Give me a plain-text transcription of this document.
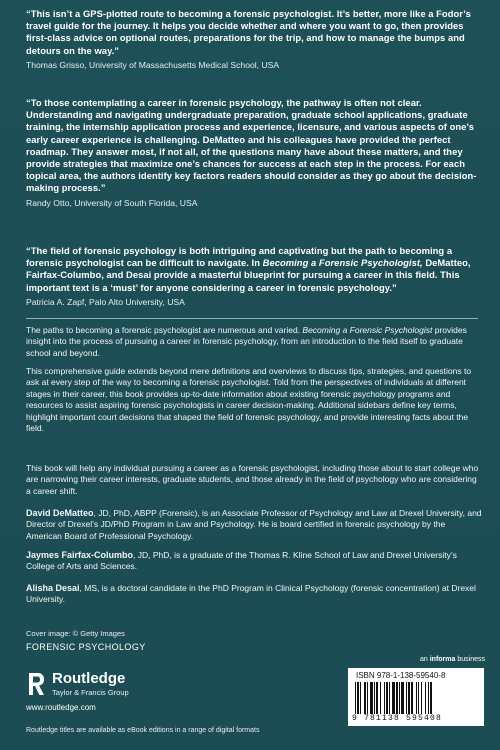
“This isn’t a GPS-plotted route to becoming a forensic psychologist. It’s better, more like a Fodor’s travel guide for the journey. It helps you decide whether and where you want to go, then provides first-class advice on optional routes, preparations for the trip, and how to manage the bumps and detours on the way.”
Thomas Grisso, University of Massachusetts Medical School, USA
“To those contemplating a career in forensic psychology, the pathway is often not clear. Understanding and navigating undergraduate preparation, graduate school applications, graduate training, the internship application process and experience, licensure, and various aspects of one’s early career experience is challenging. DeMatteo and his colleagues have provided the perfect roadmap. They answer most, if not all, of the questions many have about these matters, and they provide strategies that maximize one’s chances for success at each step in the process. For each topical area, the authors identify key factors readers should consider as they go about the decision-making process.”
Randy Otto, University of South Florida, USA
“The field of forensic psychology is both intriguing and captivating but the path to becoming a forensic psychologist can be difficult to navigate. In Becoming a Forensic Psychologist, DeMatteo, Fairfax-Columbo, and Desai provide a masterful blueprint for pursuing a career in this field. This important text is a ‘must’ for anyone considering a career in forensic psychology.”
Patricia A. Zapf, Palo Alto University, USA
The paths to becoming a forensic psychologist are numerous and varied. Becoming a Forensic Psychologist provides insight into the process of pursuing a career in forensic psychology, from an introduction to the field itself to graduate school and beyond.
This comprehensive guide extends beyond mere definitions and overviews to discuss tips, strategies, and questions to ask at every step of the way to becoming a forensic psychologist. Told from the perspectives of individuals at different stages in their career, this book provides up-to-date information about existing forensic psychology programs and resources to assist aspiring forensic psychologists in career decision-making. Additional sidebars define key terms, highlight important court decisions that shaped the field of forensic psychology, and provide interesting facts about the field.
This book will help any individual pursuing a career as a forensic psychologist, including those about to start college who are narrowing their career interests, graduate students, and those already in the field of psychology who are considering a career shift.
David DeMatteo, JD, PhD, ABPP (Forensic), is an Associate Professor of Psychology and Law at Drexel University, and Director of Drexel’s JD/PhD Program in Law and Psychology. He is board certified in forensic psychology by the American Board of Professional Psychology.
Jaymes Fairfax-Columbo, JD, PhD, is a graduate of the Thomas R. Kline School of Law and Drexel University’s College of Arts and Sciences.
Alisha Desai, MS, is a doctoral candidate in the PhD Program in Clinical Psychology (forensic concentration) at Drexel University.
Cover image: © Getty Images
FORENSIC PSYCHOLOGY
Routledge
Taylor & Francis Group
www.routledge.com
an informa business
ISBN 978-1-138-59540-8
9 781138 595408
Routledge titles are available as eBook editions in a range of digital formats
